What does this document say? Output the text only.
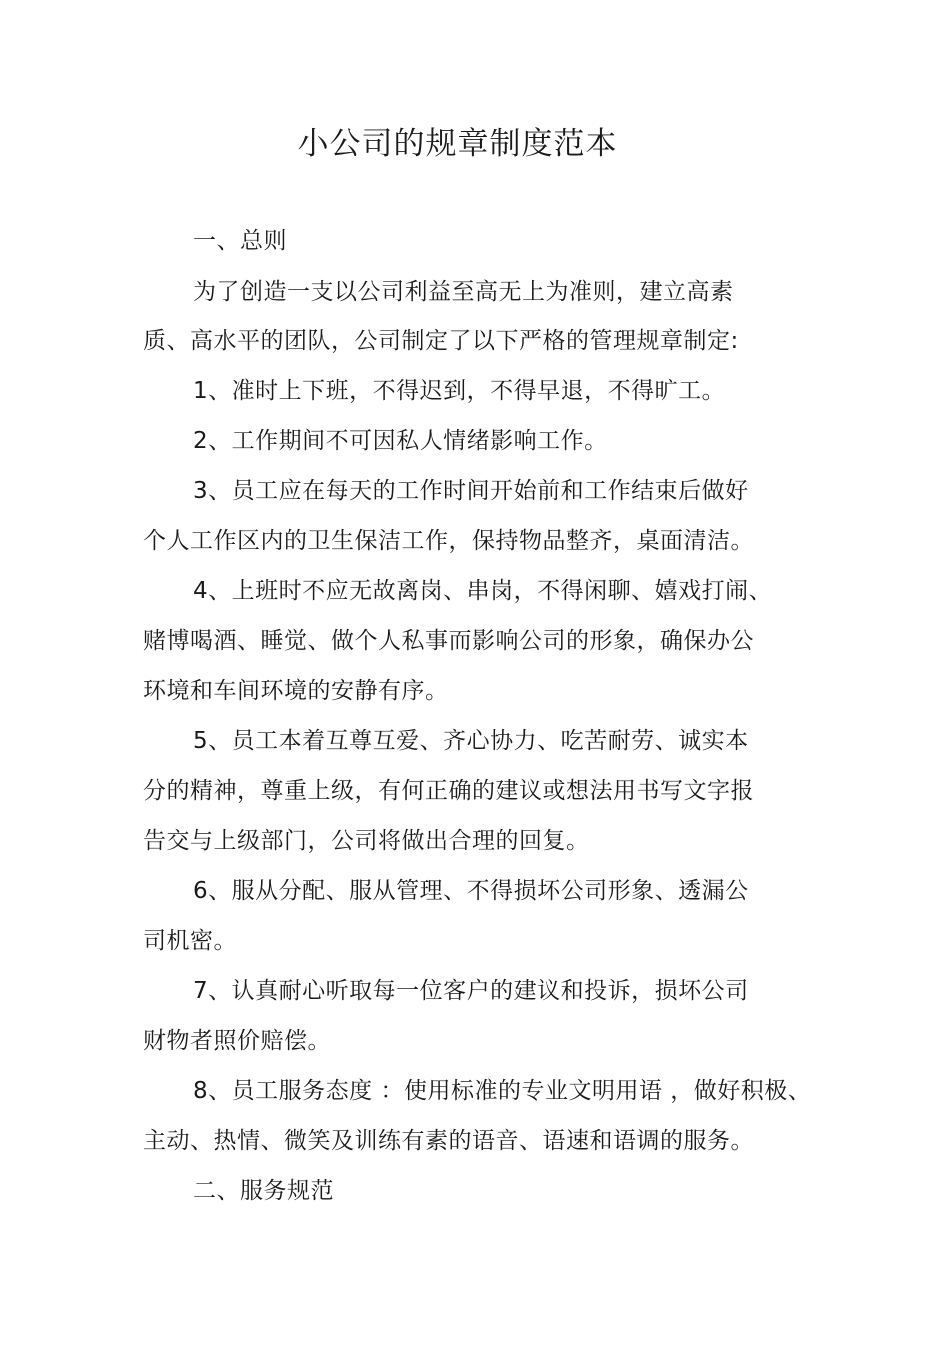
小公司的规章制度范本
一、总则
为了创造一支以公司利益至高无上为准则，建立高素
质、高水平的团队，公司制定了以下严格的管理规章制定:
1、准时上下班，不得迟到，不得早退，不得旷工。
2、工作期间不可因私人情绪影响工作。
3、员工应在每天的工作时间开始前和工作结束后做好
个人工作区内的卫生保洁工作，保持物品整齐，桌面清洁。
4、上班时不应无故离岗、串岗，不得闲聊、嬉戏打闹、
赌博喝酒、睡觉、做个人私事而影响公司的形象，确保办公
环境和车间环境的安静有序。
5、员工本着互尊互爱、齐心协力、吃苦耐劳、诚实本
分的精神，尊重上级，有何正确的建议或想法用书写文字报
告交与上级部门，公司将做出合理的回复。
6、服从分配、服从管理、不得损坏公司形象、透漏公
司机密。
7、认真耐心听取每一位客户的建议和投诉，损坏公司
财物者照价赔偿。
8、员工服务态度 ：使用标准的专业文明用语 ，做好积极、
主动、热情、微笑及训练有素的语音、语速和语调的服务。
二、服务规范
